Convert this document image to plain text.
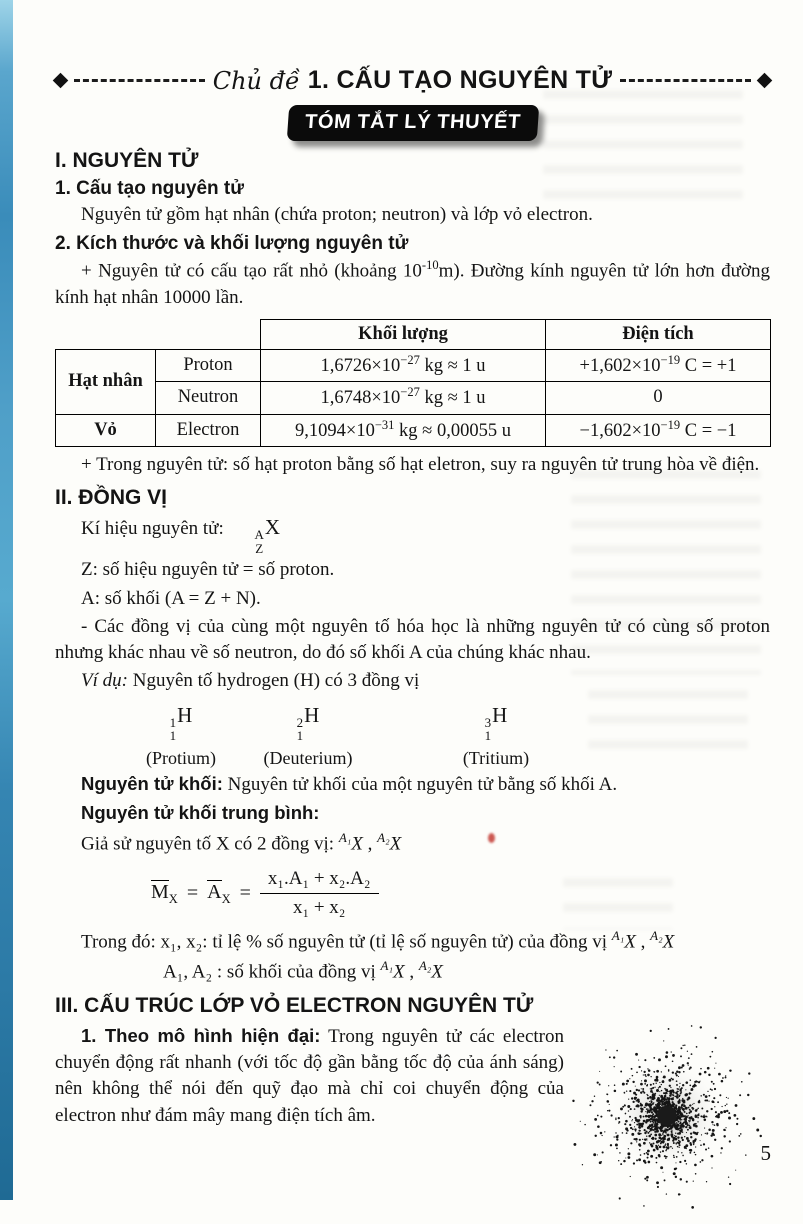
Chủ đề 1. CẤU TẠO NGUYÊN TỬ
TÓM TẮT LÝ THUYẾT
I. NGUYÊN TỬ
1. Cấu tạo nguyên tử

Nguyên tử gồm hạt nhân (chứa proton; neutron) và lớp vỏ electron.

2. Kích thước và khối lượng nguyên tử

+ Nguyên tử có cấu tạo rất nhỏ (khoảng $10^{-10}m$). Đường kính nguyên tử lớn hơn đường kính hạt nhân 10000 lần.

		Khối lượng	Điện tích
Hạt nhân	Proton	$1,6726\times 10^{-27}$ kg ≈ 1 u	$+1,602\times 10^{-19}$ C = +1
	Neutron	$1,6748\times 10^{-27}$ kg ≈ 1 u	0
Vỏ	Electron	$9,1094\times 10^{-31}$ kg ≈ 0,00055 u	$-1,602\times 10^{-19}$ C = −1

+ Trong nguyên tử: số hạt proton bằng số hạt eletron, suy ra nguyên tử trung hòa về điện.

II. ĐỒNG VỊ

Kí hiệu nguyên tử:	A
Z
X

Z: số hiệu nguyên tử = số proton.

A: số khối (A = Z + N).

- Các đồng vị của cùng một nguyên tố hóa học là những nguyên tử có cùng số proton nhưng khác nhau về số neutron, do đó số khối A của chúng khác nhau.

Ví dụ: Nguyên tố hydrogen (H) có 3 đồng vị

1
1
H
(Protium)
2
1
H
(Deuterium)
3
1
H
(Tritium)

Nguyên tử khối: Nguyên tử khối của một nguyên tử bằng số khối A.

Nguyên tử khối trung bình:

Giả sử nguyên tố X có 2 đồng vị: $^{A_1}$X , $^{A_2}$X

$M_X = A_X = \frac{\text{x₁.A₁ + x₂.A₂}}{\text{x₁ + x₂}}$

Trong đó: x₁, x₂: tỉ lệ % số nguyên tử (tỉ lệ số nguyên tử) của đồng vị $^{A_1}$X , $^{A_2}$X

A₁, A₂ : số khối của đồng vị $^{A_1}$X , $^{A_2}$X

III. CẤU TRÚC LỚP VỎ ELECTRON NGUYÊN TỬ

1. Theo mô hình hiện đại: Trong nguyên tử các electron chuyển động rất nhanh (với tốc độ gần bằng tốc độ của ánh sáng) nên không thể nói đến quỹ đạo mà chỉ coi chuyển động của electron như đám mây mang điện tích âm.

5
